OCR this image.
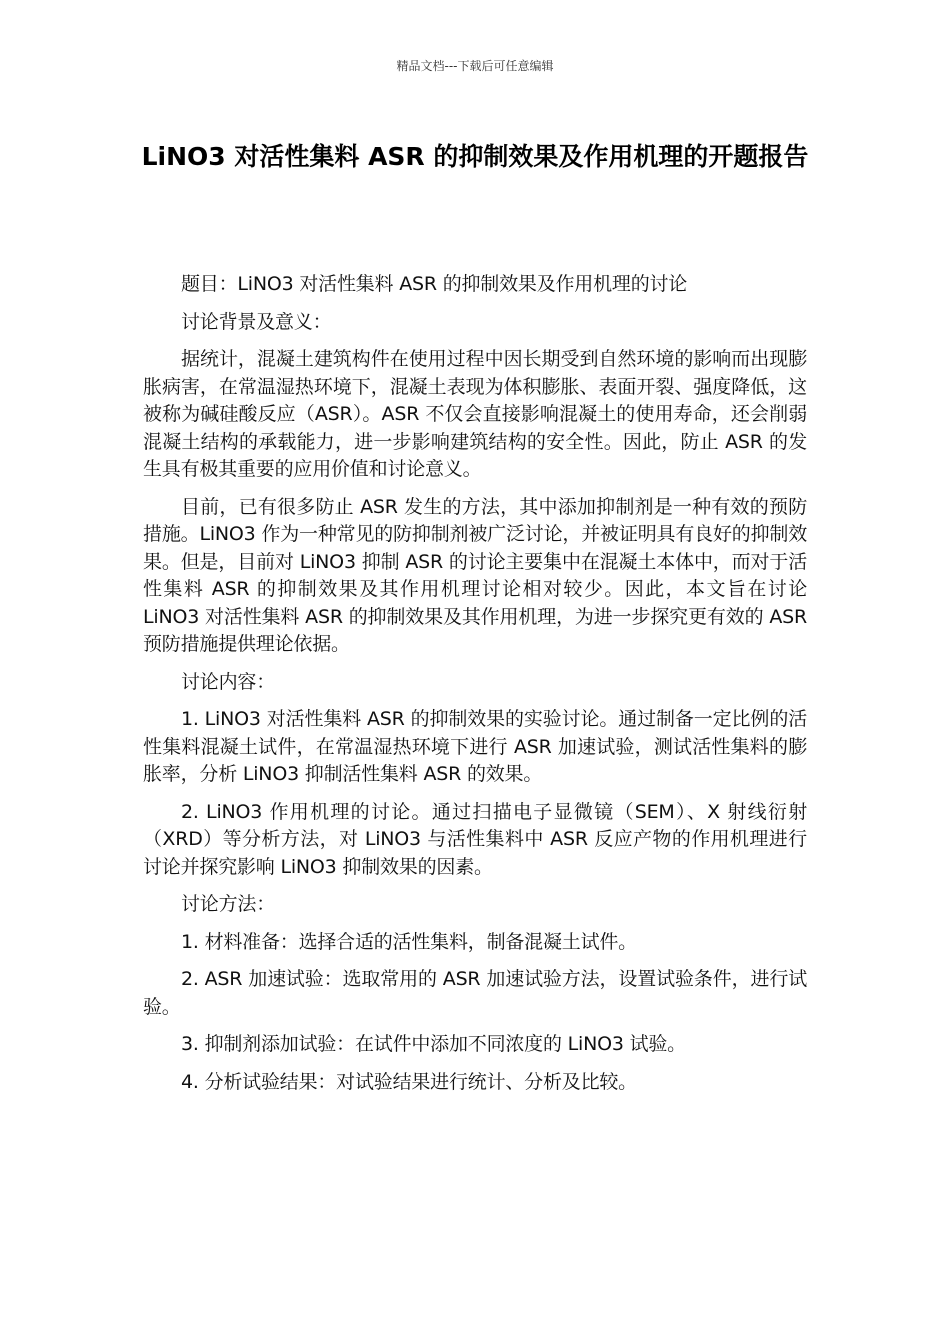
精品文档---下载后可任意编辑
LiNO3 对活性集料 ASR 的抑制效果及作用机理的开题报告

题目：LiNO3 对活性集料 ASR 的抑制效果及作用机理的讨论

讨论背景及意义：

据统计，混凝土建筑构件在使用过程中因长期受到自然环境的影响而出现膨胀病害，在常温湿热环境下，混凝土表现为体积膨胀、表面开裂、强度降低，这被称为碱硅酸反应（ASR）。ASR 不仅会直接影响混凝土的使用寿命，还会削弱混凝土结构的承载能力，进一步影响建筑结构的安全性。因此，防止 ASR 的发生具有极其重要的应用价值和讨论意义。

目前，已有很多防止 ASR 发生的方法，其中添加抑制剂是一种有效的预防措施。LiNO3 作为一种常见的防抑制剂被广泛讨论，并被证明具有良好的抑制效果。但是，目前对 LiNO3 抑制 ASR 的讨论主要集中在混凝土本体中，而对于活性集料 ASR 的抑制效果及其作用机理讨论相对较少。因此，本文旨在讨论 LiNO3 对活性集料 ASR 的抑制效果及其作用机理，为进一步探究更有效的 ASR 预防措施提供理论依据。

讨论内容：

1. LiNO3 对活性集料 ASR 的抑制效果的实验讨论。通过制备一定比例的活性集料混凝土试件，在常温湿热环境下进行 ASR 加速试验，测试活性集料的膨胀率，分析 LiNO3 抑制活性集料 ASR 的效果。

2. LiNO3 作用机理的讨论。通过扫描电子显微镜（SEM）、X 射线衍射（XRD）等分析方法，对 LiNO3 与活性集料中 ASR 反应产物的作用机理进行讨论并探究影响 LiNO3 抑制效果的因素。

讨论方法：

1. 材料准备：选择合适的活性集料，制备混凝土试件。

2. ASR 加速试验：选取常用的 ASR 加速试验方法，设置试验条件，进行试验。

3. 抑制剂添加试验：在试件中添加不同浓度的 LiNO3 试验。

4. 分析试验结果：对试验结果进行统计、分析及比较。
